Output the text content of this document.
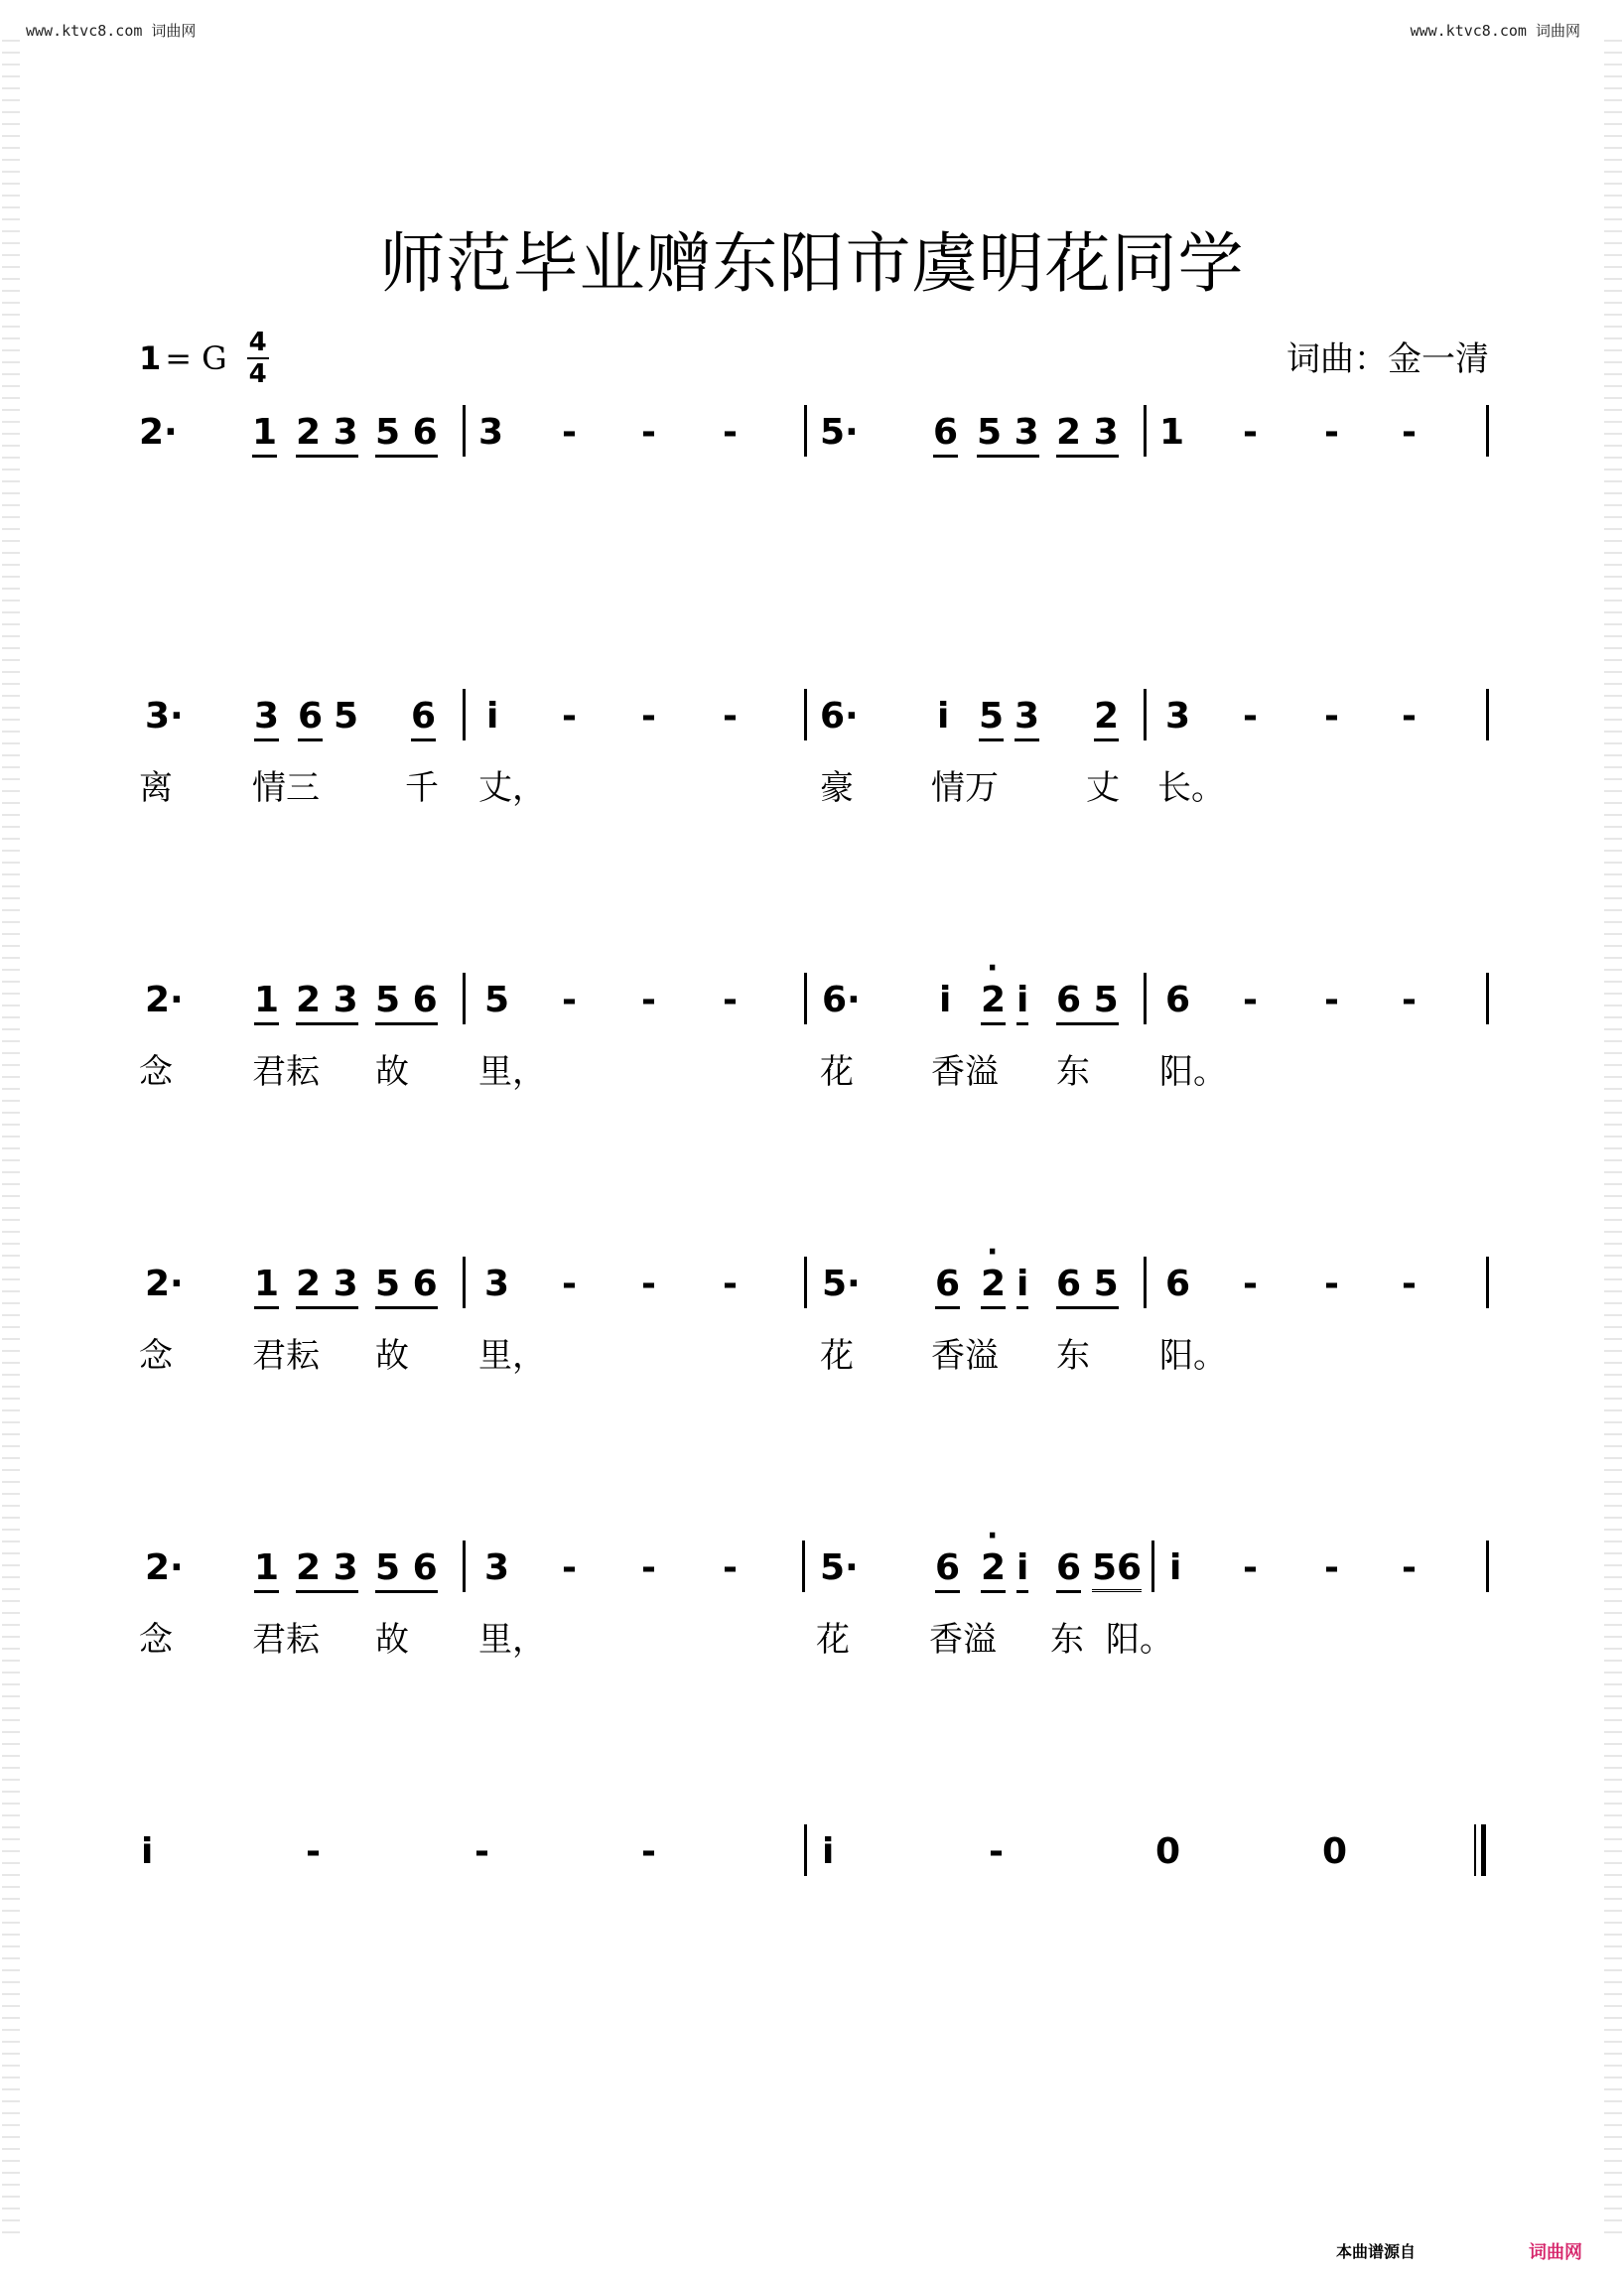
www.ktvc8.com 词曲网	www.ktvc8.com 词曲网
师范毕业赠东阳市虞明花同学
1 = G 4
4	词曲：金一清
2· 1 2 3 5 6 3 - - - 5· 6 5 3 2 3 1 - - -
3· 3 6 5 6 i - - - 6· i 5 3 2 3 - - -
离 情三	千 丈，	豪 情万	丈 长。
2· 1 2 3 5 6 5 - - - 6· i 2
·
i 6 5 6 - - -
念 君耘 故 里，	花 香溢 东 阳。
2· 1 2 3 5 6 3 - - - 5· 6 2
·
i 6 5 6 - - -
念 君耘 故 里，	花 香溢 东 阳。
2· 1 2 3 5 6 3 - - - 5· 6 2
·
i 6 56 i - - -
念 君耘 故 里，	花 香溢 东 阳。
i	-	-	-	i	-	0	0
本曲谱源自	词曲网
